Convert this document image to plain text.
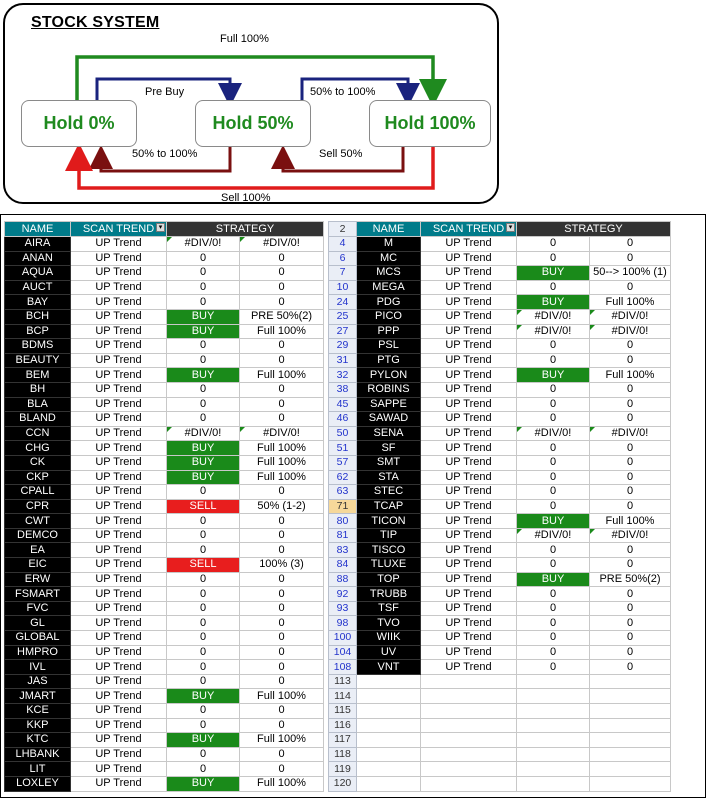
STOCK SYSTEM
Hold 0%	Hold 50%	Hold 100%
Full 100%
Pre Buy	50% to 100%
50% to 100%	Sell 50%
Sell 100%
NAME	SCAN TREND ▾	STRATEGY	
AIRA	UP Trend	#DIV/0!	#DIV/0!
ANAN	UP Trend	0	0
AQUA	UP Trend	0	0
AUCT	UP Trend	0	0
BAY	UP Trend	0	0
BCH	UP Trend	BUY	PRE 50%(2)
BCP	UP Trend	BUY	Full 100%
BDMS	UP Trend	0	0
BEAUTY	UP Trend	0	0
BEM	UP Trend	BUY	Full 100%
BH	UP Trend	0	0
BLA	UP Trend	0	0
BLAND	UP Trend	0	0
CCN	UP Trend	#DIV/0!	#DIV/0!
CHG	UP Trend	BUY	Full 100%
CK	UP Trend	BUY	Full 100%
CKP	UP Trend	BUY	Full 100%
CPALL	UP Trend	0	0
CPR	UP Trend	SELL	50% (1-2)
CWT	UP Trend	0	0
DEMCO	UP Trend	0	0
EA	UP Trend	0	0
EIC	UP Trend	SELL	100% (3)
ERW	UP Trend	0	0
FSMART	UP Trend	0	0
FVC	UP Trend	0	0
GL	UP Trend	0	0
GLOBAL	UP Trend	0	0
HMPRO	UP Trend	0	0
IVL	UP Trend	0	0
JAS	UP Trend	0	0
JMART	UP Trend	BUY	Full 100%
KCE	UP Trend	0	0
KKP	UP Trend	0	0
KTC	UP Trend	BUY	Full 100%
LHBANK	UP Trend	0	0
LIT	UP Trend	0	0
LOXLEY	UP Trend	BUY	Full 100%
2	NAME	SCAN TREND ▾	STRATEGY	
4	M	UP Trend	0	0
6	MC	UP Trend	0	0
7	MCS	UP Trend	BUY	50--> 100% (1)
10	MEGA	UP Trend	0	0
24	PDG	UP Trend	BUY	Full 100%
25	PICO	UP Trend	#DIV/0!	#DIV/0!
27	PPP	UP Trend	#DIV/0!	#DIV/0!
29	PSL	UP Trend	0	0
31	PTG	UP Trend	0	0
32	PYLON	UP Trend	BUY	Full 100%
38	ROBINS	UP Trend	0	0
45	SAPPE	UP Trend	0	0
46	SAWAD	UP Trend	0	0
50	SENA	UP Trend	#DIV/0!	#DIV/0!
51	SF	UP Trend	0	0
57	SMT	UP Trend	0	0
62	STA	UP Trend	0	0
63	STEC	UP Trend	0	0
71	TCAP	UP Trend	0	0
80	TICON	UP Trend	BUY	Full 100%
81	TIP	UP Trend	#DIV/0!	#DIV/0!
83	TISCO	UP Trend	0	0
84	TLUXE	UP Trend	0	0
88	TOP	UP Trend	BUY	PRE 50%(2)
92	TRUBB	UP Trend	0	0
93	TSF	UP Trend	0	0
98	TVO	UP Trend	0	0
100	WIIK	UP Trend	0	0
104	UV	UP Trend	0	0
108	VNT	UP Trend	0	0
113				
114				
115				
116				
117				
118				
119				
120				
